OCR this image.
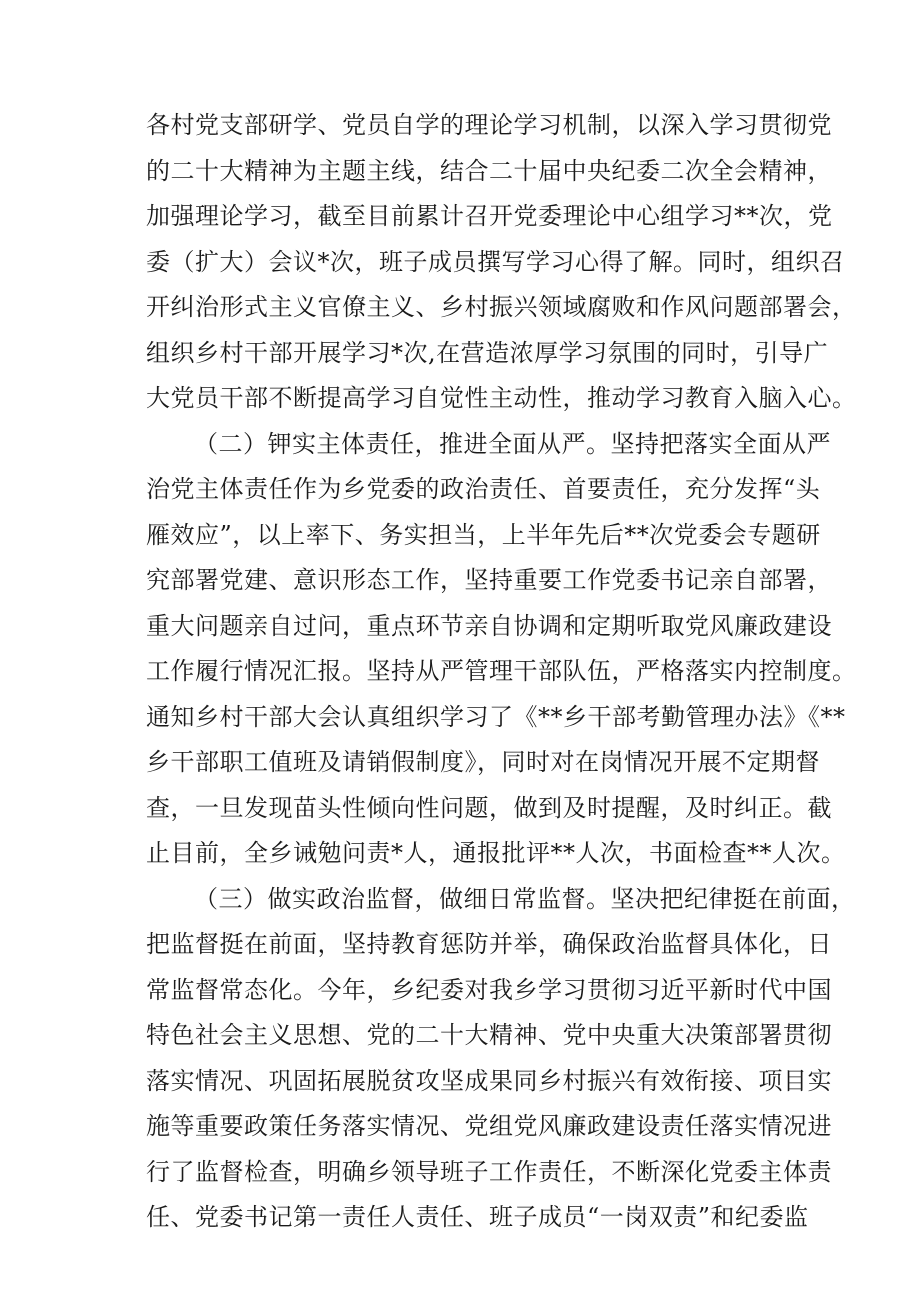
各村党支部研学、党员自学的理论学习机制，以深入学习贯彻党
的二十大精神为主题主线，结合二十届中央纪委二次全会精神，
加强理论学习，截至目前累计召开党委理论中心组学习**次，党
委（扩大）会议*次，班子成员撰写学习心得了解。同时，组织召
开纠治形式主义官僚主义、乡村振兴领域腐败和作风问题部署会，
组织乡村干部开展学习*次,在营造浓厚学习氛围的同时，引导广
大党员干部不断提高学习自觉性主动性，推动学习教育入脑入心。
（二）钾实主体责任，推进全面从严。坚持把落实全面从严
治党主体责任作为乡党委的政治责任、首要责任，充分发挥“头
雁效应”，以上率下、务实担当，上半年先后**次党委会专题研
究部署党建、意识形态工作，坚持重要工作党委书记亲自部署，
重大问题亲自过问，重点环节亲自协调和定期听取党风廉政建设
工作履行情况汇报。坚持从严管理干部队伍，严格落实内控制度。
通知乡村干部大会认真组织学习了《**乡干部考勤管理办法》《**
乡干部职工值班及请销假制度》，同时对在岗情况开展不定期督
查，一旦发现苗头性倾向性问题，做到及时提醒，及时纠正。截
止目前，全乡诫勉问责*人，通报批评**人次，书面检查**人次。
（三）做实政治监督，做细日常监督。坚决把纪律挺在前面，
把监督挺在前面，坚持教育惩防并举，确保政治监督具体化，日
常监督常态化。今年，乡纪委对我乡学习贯彻习近平新时代中国
特色社会主义思想、党的二十大精神、党中央重大决策部署贯彻
落实情况、巩固拓展脱贫攻坚成果同乡村振兴有效衔接、项目实
施等重要政策任务落实情况、党组党风廉政建设责任落实情况进
行了监督检查，明确乡领导班子工作责任，不断深化党委主体责
任、党委书记第一责任人责任、班子成员“一岗双责”和纪委监
